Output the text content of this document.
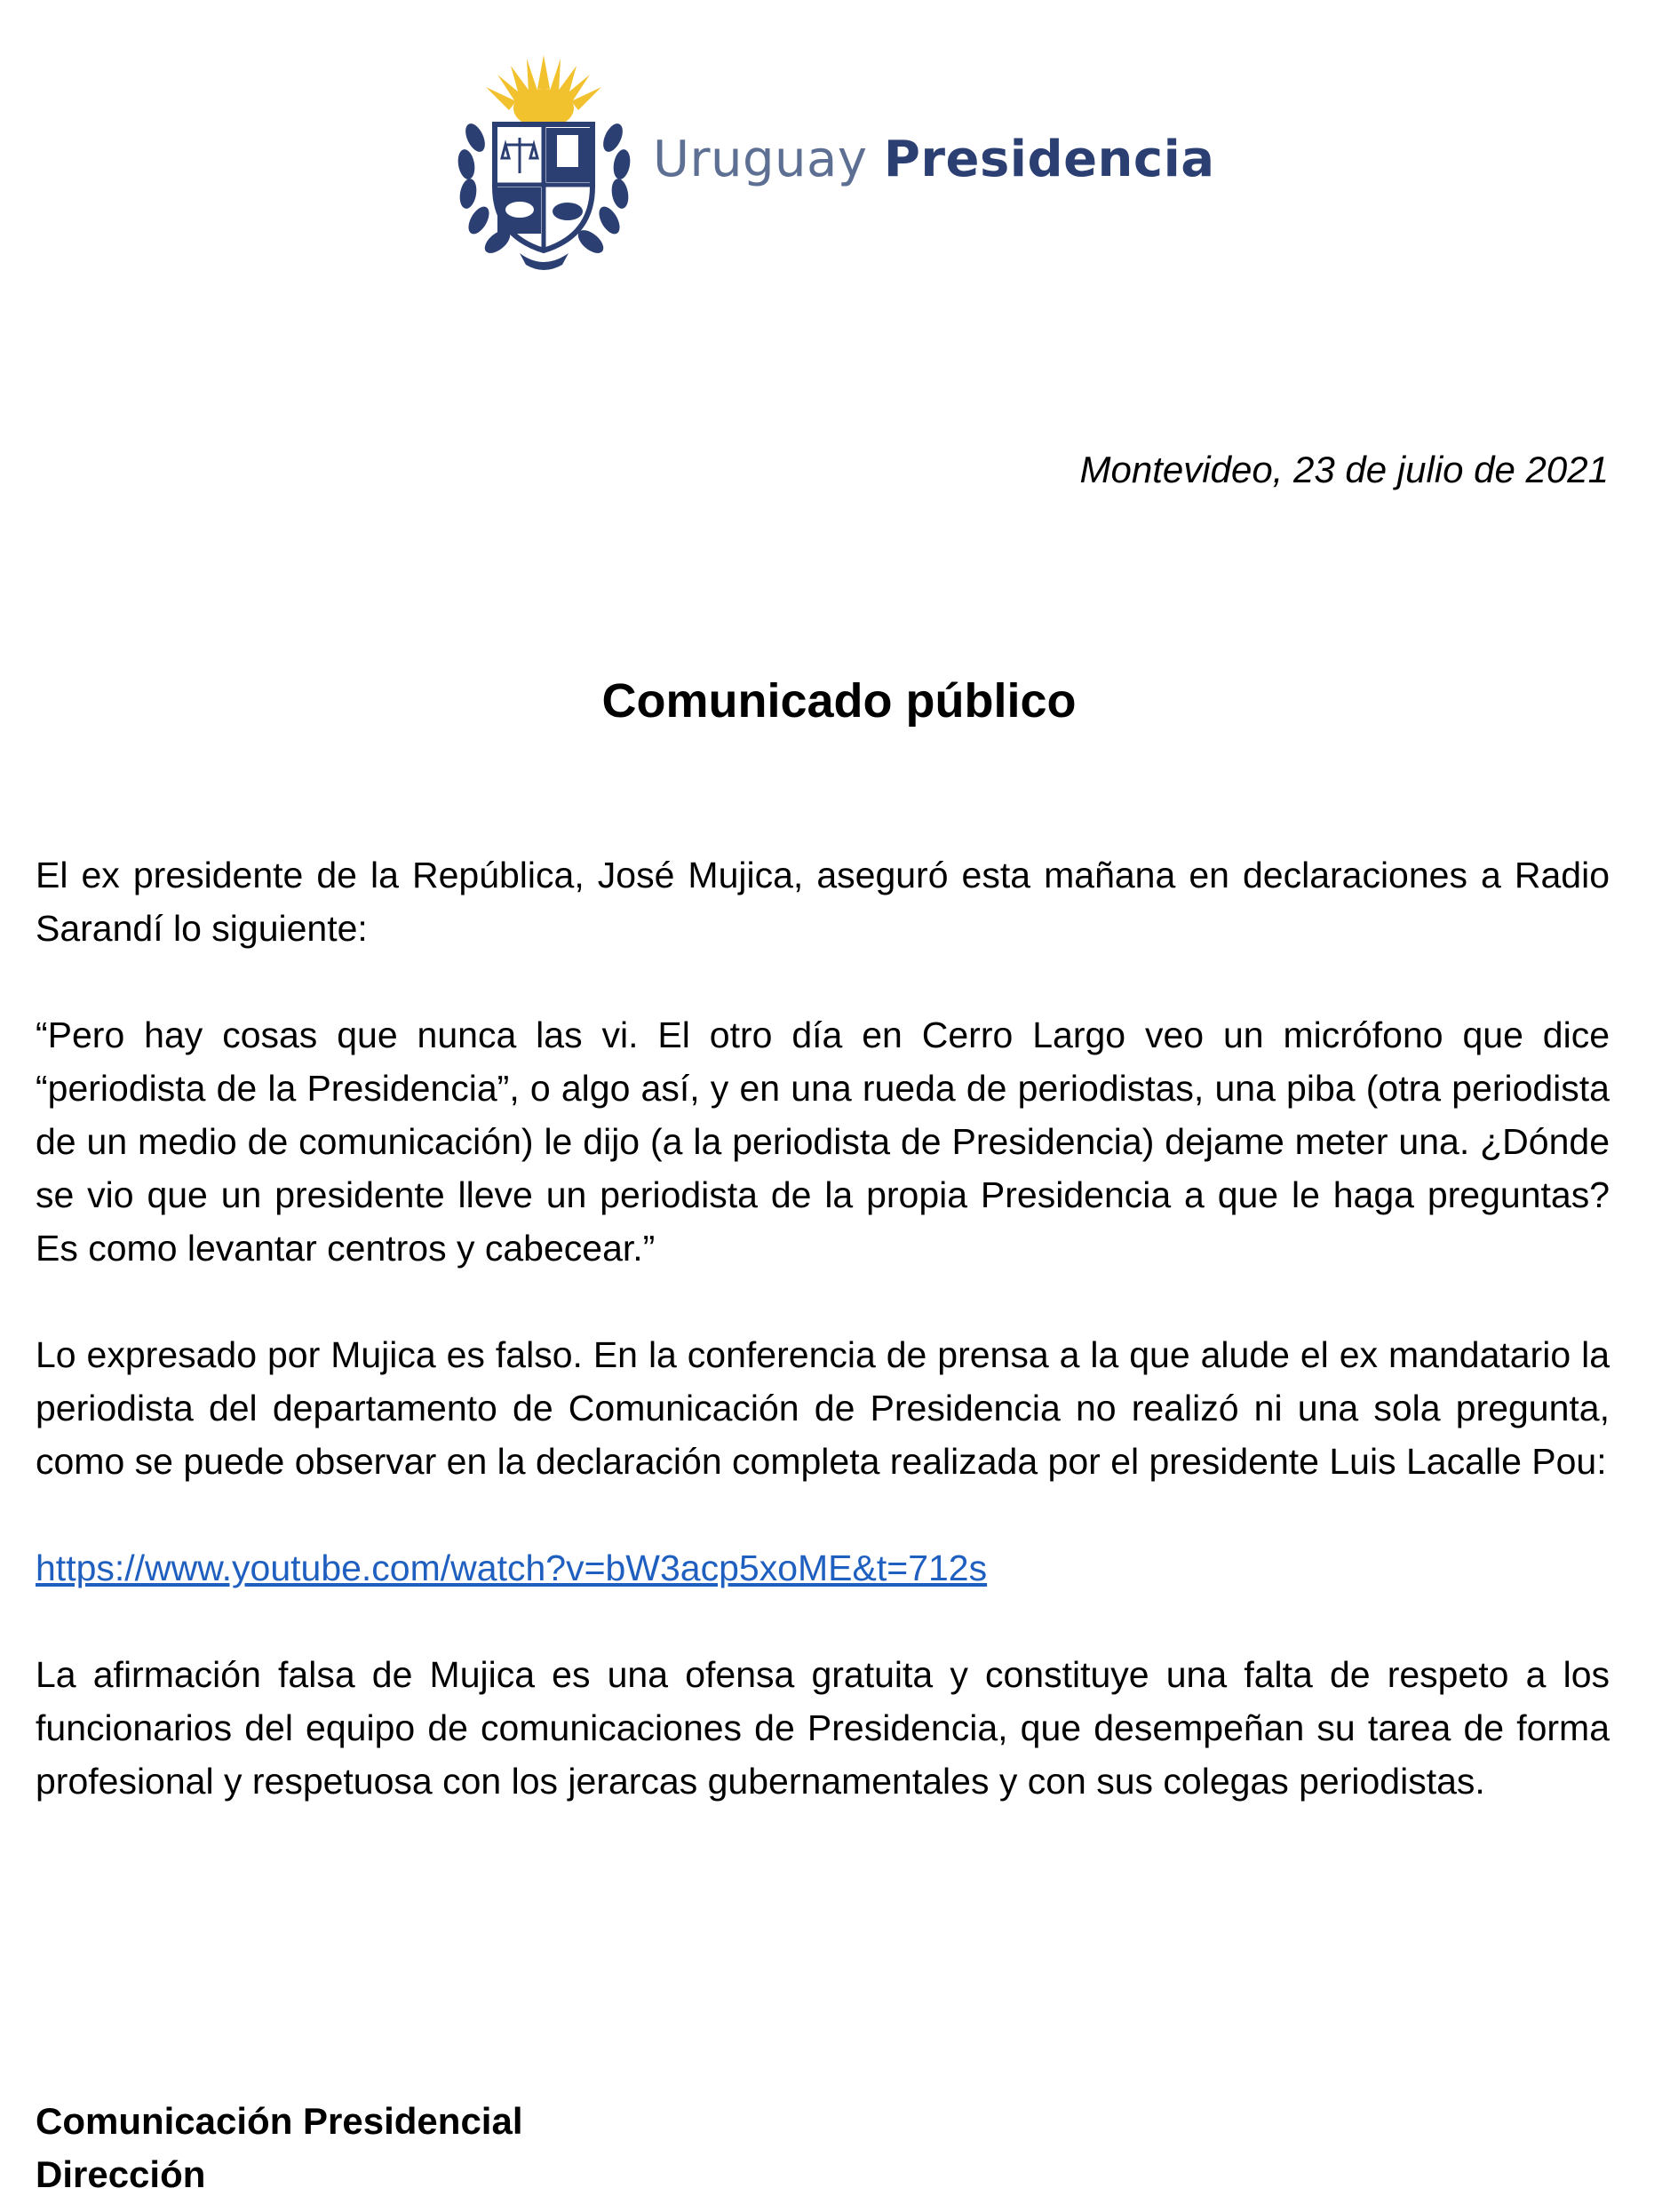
Uruguay Presidencia
Montevideo, 23 de julio de 2021
Comunicado público

El ex presidente de la República, José Mujica, aseguró esta mañana en declaraciones a Radio Sarandí lo siguiente:

“Pero hay cosas que nunca las vi. El otro día en Cerro Largo veo un micrófono que dice “periodista de la Presidencia”, o algo así, y en una rueda de periodistas, una piba (otra periodista de un medio de comunicación) le dijo (a la periodista de Presidencia) dejame meter una. ¿Dónde se vio que un presidente lleve un periodista de la propia Presidencia a que le haga preguntas? Es como levantar centros y cabecear.”

Lo expresado por Mujica es falso. En la conferencia de prensa a la que alude el ex mandatario la periodista del departamento de Comunicación de Presidencia no realizó ni una sola pregunta, como se puede observar en la declaración completa realizada por el presidente Luis Lacalle Pou:

https://www.youtube.com/watch?v=bW3acp5xoME&t=712s

La afirmación falsa de Mujica es una ofensa gratuita y constituye una falta de respeto a los funcionarios del equipo de comunicaciones de Presidencia, que desempeñan su tarea de forma profesional y respetuosa con los jerarcas gubernamentales y con sus colegas periodistas.

Comunicación Presidencial
Dirección
